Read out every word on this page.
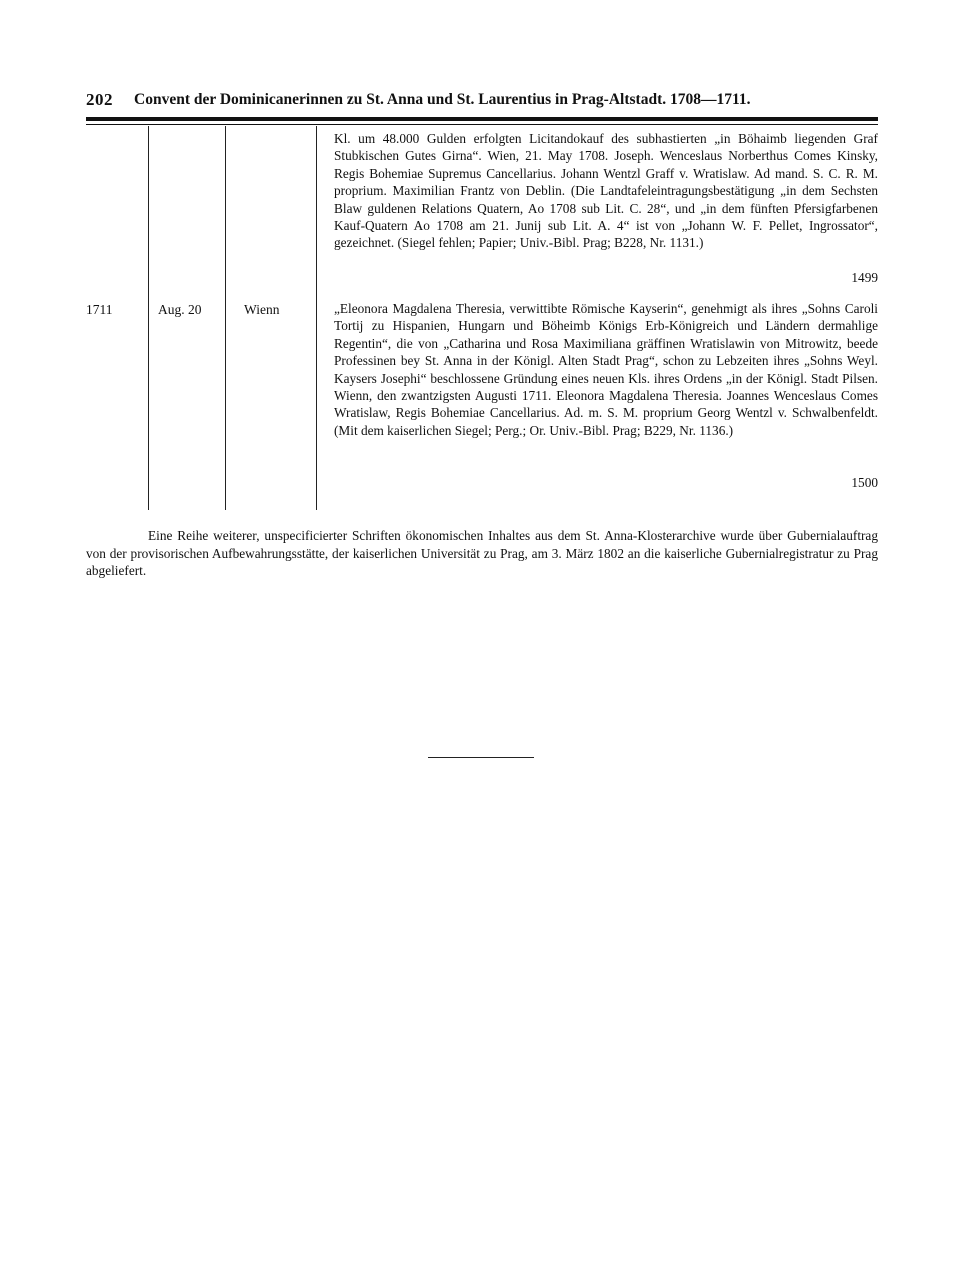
202 Convent der Dominicanerinnen zu St. Anna und St. Laurentius in Prag-Altstadt. 1708—1711.
1499
Kl. um 48.000 Gulden erfolgten Licitandokauf des subhastierten „in Böhaimb liegenden Graf Stubkischen Gutes Girna“. Wien, 21. May 1708. Joseph. Wenceslaus Norberthus Comes Kinsky, Regis Bohemiae Supremus Cancellarius. Johann Wentzl Graff v. Wratislaw. Ad mand. S. C. R. M. proprium. Maximilian Frantz von Deblin. (Die Landtafeleintragungsbestätigung „in dem Sechsten Blaw guldenen Relations Quatern, Ao 1708 sub Lit. C. 28“, und „in dem fünften Pfersigfarbenen Kauf-Quatern Ao 1708 am 21. Junij sub Lit. A. 4“ ist von „Johann W. F. Pellet, Ingrossator“, gezeichnet. (Siegel fehlen; Papier; Univ.-Bibl. Prag; B228, Nr. 1131.)
1711	Aug. 20	Wienn
1500
„Eleonora Magdalena Theresia, verwittibte Römische Kayserin“, genehmigt als ihres „Sohns Caroli Tortij zu Hispanien, Hungarn und Böheimb Königs Erb-Königreich und Ländern dermahlige Regentin“, die von „Catharina und Rosa Maximiliana gräffinen Wratislawin von Mitrowitz, beede Professinen bey St. Anna in der Königl. Alten Stadt Prag“, schon zu Lebzeiten ihres „Sohns Weyl. Kaysers Josephi“ beschlossene Gründung eines neuen Kls. ihres Ordens „in der Königl. Stadt Pilsen. Wienn, den zwantzigsten Augusti 1711. Eleonora Magdalena Theresia. Joannes Wenceslaus Comes Wratislaw, Regis Bohemiae Cancellarius. Ad. m. S. M. proprium Georg Wentzl v. Schwalbenfeldt. (Mit dem kaiserlichen Siegel; Perg.; Or. Univ.-Bibl. Prag; B229, Nr. 1136.)
Eine Reihe weiterer, unspecificierter Schriften ökonomischen Inhaltes aus dem St. Anna-Klosterarchive wurde über Gubernialauftrag von der provisorischen Aufbewahrungsstätte, der kaiserlichen Universität zu Prag, am 3. März 1802 an die kaiserliche Gubernialregistratur zu Prag abgeliefert.
